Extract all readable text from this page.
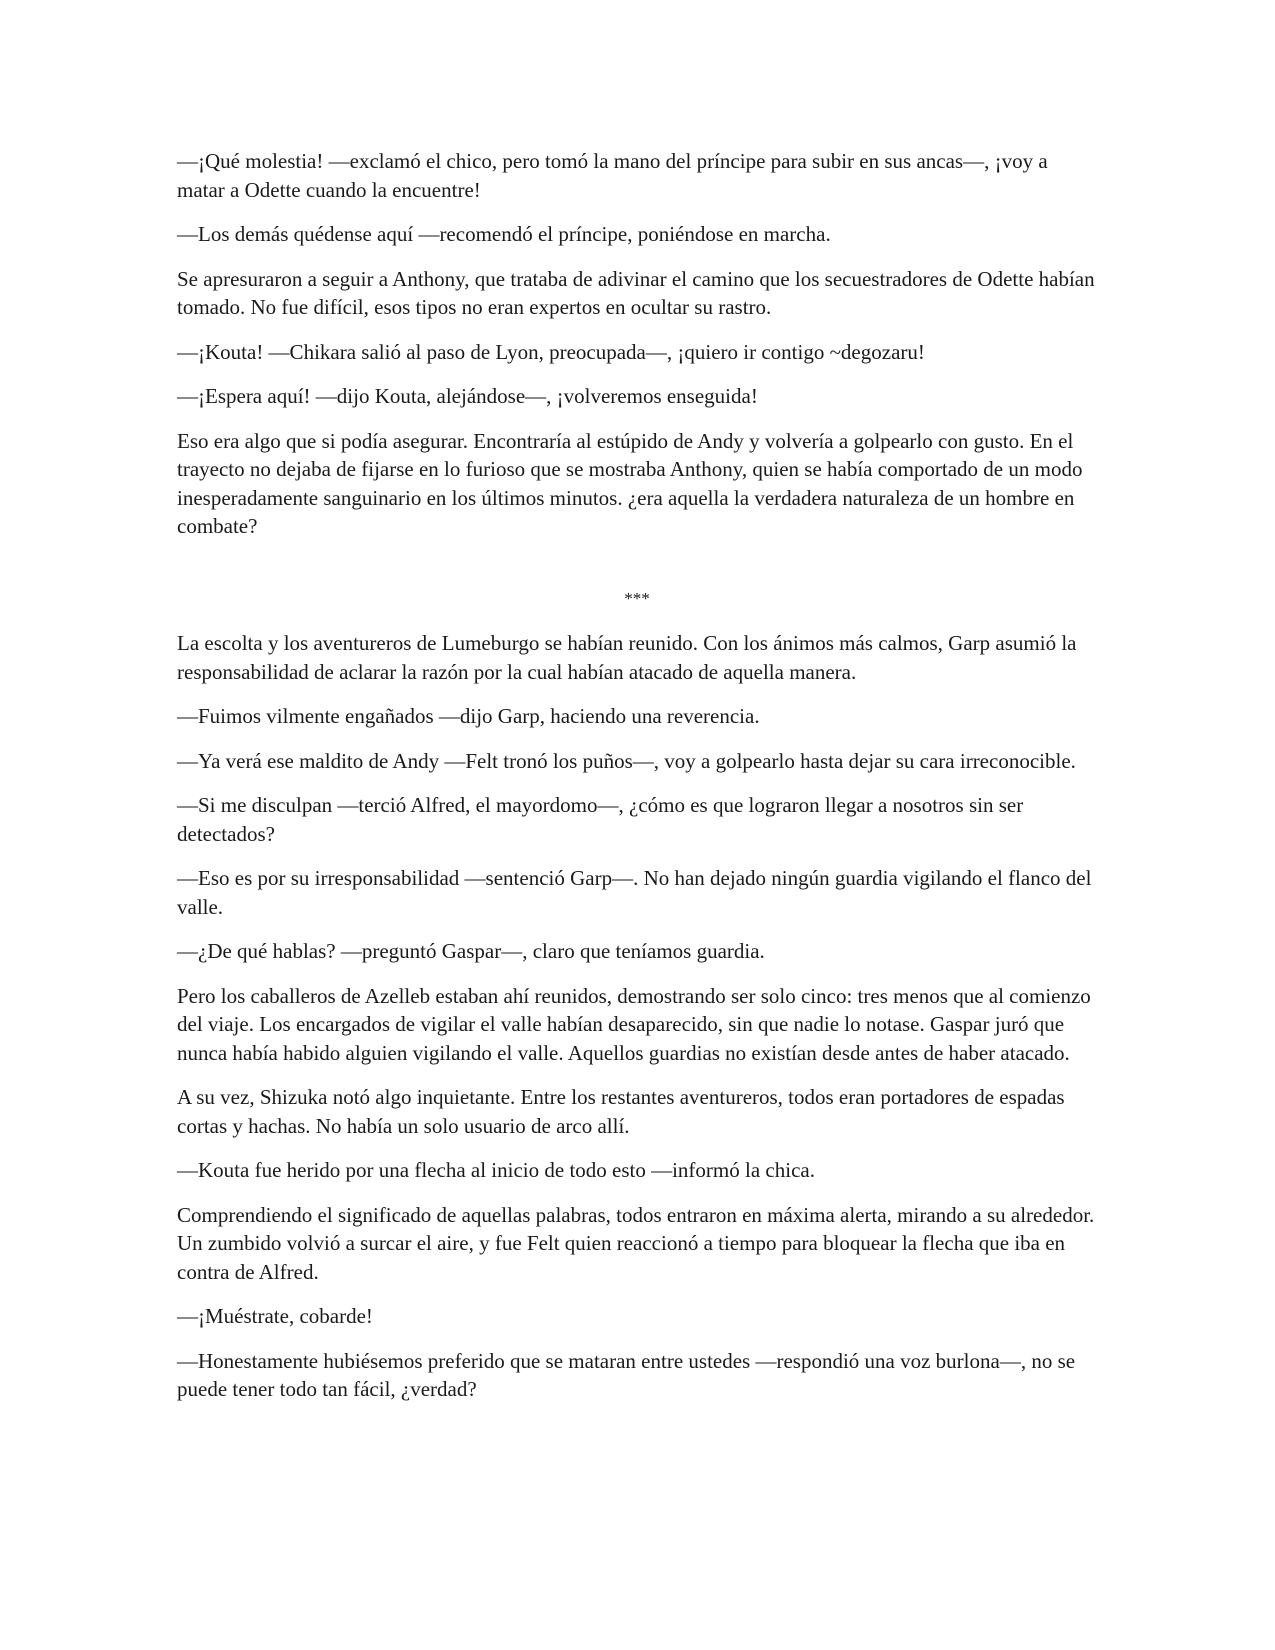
—¡Qué molestia! —exclamó el chico, pero tomó la mano del príncipe para subir en sus ancas—, ¡voy a matar a Odette cuando la encuentre!

—Los demás quédense aquí —recomendó el príncipe, poniéndose en marcha.

Se apresuraron a seguir a Anthony, que trataba de adivinar el camino que los secuestradores de Odette habían tomado. No fue difícil, esos tipos no eran expertos en ocultar su rastro.

—¡Kouta! —Chikara salió al paso de Lyon, preocupada—, ¡quiero ir contigo ~degozaru!

—¡Espera aquí! —dijo Kouta, alejándose—, ¡volveremos enseguida!

Eso era algo que si podía asegurar. Encontraría al estúpido de Andy y volvería a golpearlo con gusto. En el trayecto no dejaba de fijarse en lo furioso que se mostraba Anthony, quien se había comportado de un modo inesperadamente sanguinario en los últimos minutos. ¿era aquella la verdadera naturaleza de un hombre en combate?

***

La escolta y los aventureros de Lumeburgo se habían reunido. Con los ánimos más calmos, Garp asumió la responsabilidad de aclarar la razón por la cual habían atacado de aquella manera.

—Fuimos vilmente engañados —dijo Garp, haciendo una reverencia.

—Ya verá ese maldito de Andy —Felt tronó los puños—, voy a golpearlo hasta dejar su cara irreconocible.

—Si me disculpan —terció Alfred, el mayordomo—, ¿cómo es que lograron llegar a nosotros sin ser detectados?

—Eso es por su irresponsabilidad —sentenció Garp—. No han dejado ningún guardia vigilando el flanco del valle.

—¿De qué hablas? —preguntó Gaspar—, claro que teníamos guardia.

Pero los caballeros de Azelleb estaban ahí reunidos, demostrando ser solo cinco: tres menos que al comienzo del viaje. Los encargados de vigilar el valle habían desaparecido, sin que nadie lo notase. Gaspar juró que nunca había habido alguien vigilando el valle. Aquellos guardias no existían desde antes de haber atacado.

A su vez, Shizuka notó algo inquietante. Entre los restantes aventureros, todos eran portadores de espadas cortas y hachas. No había un solo usuario de arco allí.

—Kouta fue herido por una flecha al inicio de todo esto —informó la chica.

Comprendiendo el significado de aquellas palabras, todos entraron en máxima alerta, mirando a su alrededor. Un zumbido volvió a surcar el aire, y fue Felt quien reaccionó a tiempo para bloquear la flecha que iba en contra de Alfred.

—¡Muéstrate, cobarde!

—Honestamente hubiésemos preferido que se mataran entre ustedes —respondió una voz burlona—, no se puede tener todo tan fácil, ¿verdad?
